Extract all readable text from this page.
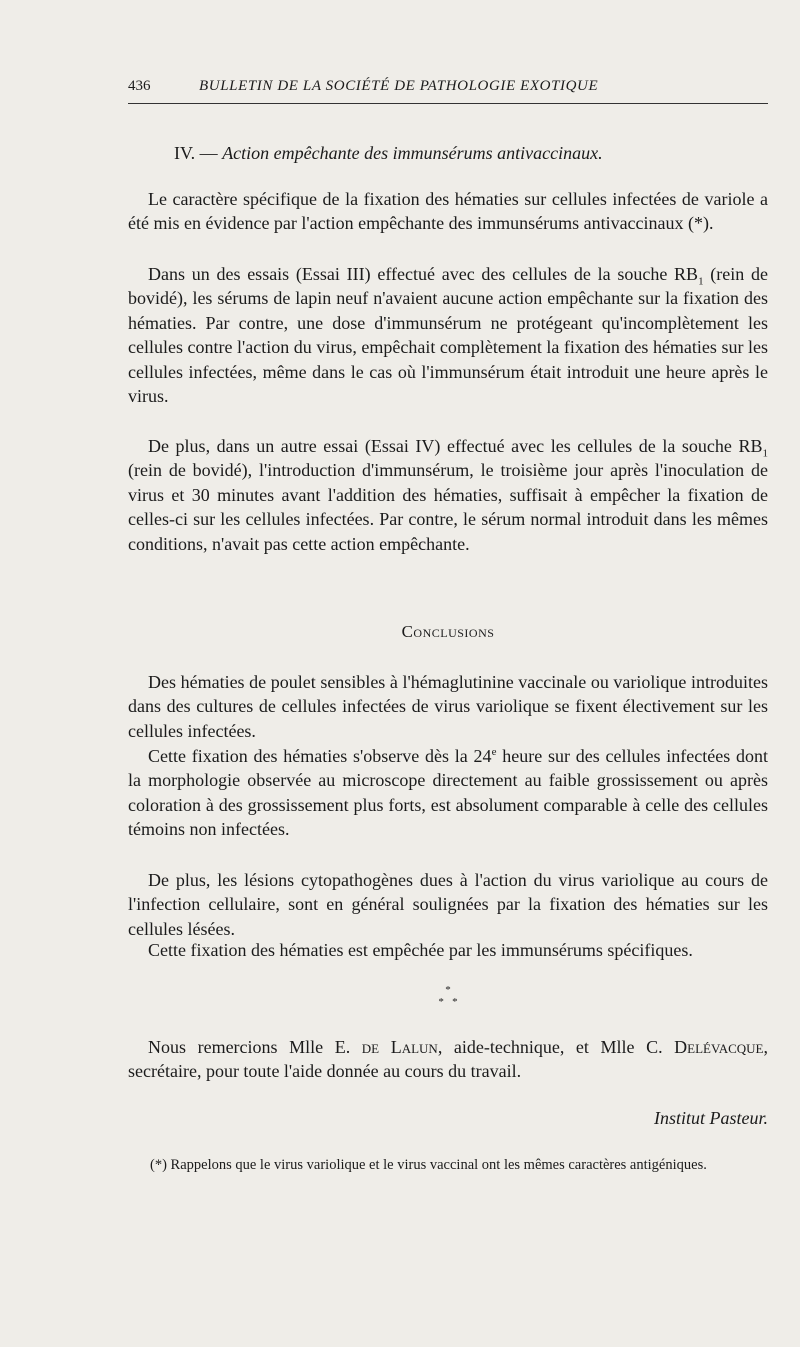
436	BULLETIN DE LA SOCIÉTÉ DE PATHOLOGIE EXOTIQUE
IV. — Action empêchante des immunsérums antivaccinaux.

Le caractère spécifique de la fixation des hématies sur cellules infectées de variole a été mis en évidence par l'action empêchante des immunsérums antivaccinaux (*).

Dans un des essais (Essai III) effectué avec des cellules de la souche $RB_1$ (rein de bovidé), les sérums de lapin neuf n'avaient aucune action empêchante sur la fixation des hématies. Par contre, une dose d'immunsérum ne protégeant qu'incomplètement les cellules contre l'action du virus, empêchait complètement la fixation des hématies sur les cellules infectées, même dans le cas où l'immunsérum était introduit une heure après le virus.

De plus, dans un autre essai (Essai IV) effectué avec les cellules de la souche $RB_1$ (rein de bovidé), l'introduction d'immunsérum, le troisième jour après l'inoculation de virus et 30 minutes avant l'addition des hématies, suffisait à empêcher la fixation de celles-ci sur les cellules infectées. Par contre, le sérum normal introduit dans les mêmes conditions, n'avait pas cette action empêchante.

Conclusions

Des hématies de poulet sensibles à l'hémaglutinine vaccinale ou variolique introduites dans des cultures de cellules infectées de virus variolique se fixent électivement sur les cellules infectées.

Cette fixation des hématies s'observe dès la 24e heure sur des cellules infectées dont la morphologie observée au microscope directement au faible grossissement ou après coloration à des grossissement plus forts, est absolument comparable à celle des cellules témoins non infectées.

De plus, les lésions cytopathogènes dues à l'action du virus variolique au cours de l'infection cellulaire, sont en général soulignées par la fixation des hématies sur les cellules lésées.

Cette fixation des hématies est empêchée par les immunsérums spécifiques.

*
*   *

Nous remercions Mlle E. de Lalun, aide-technique, et Mlle C. Delévacque, secrétaire, pour toute l'aide donnée au cours du travail.

Institut Pasteur.

(*) Rappelons que le virus variolique et le virus vaccinal ont les mêmes caractères antigéniques.
